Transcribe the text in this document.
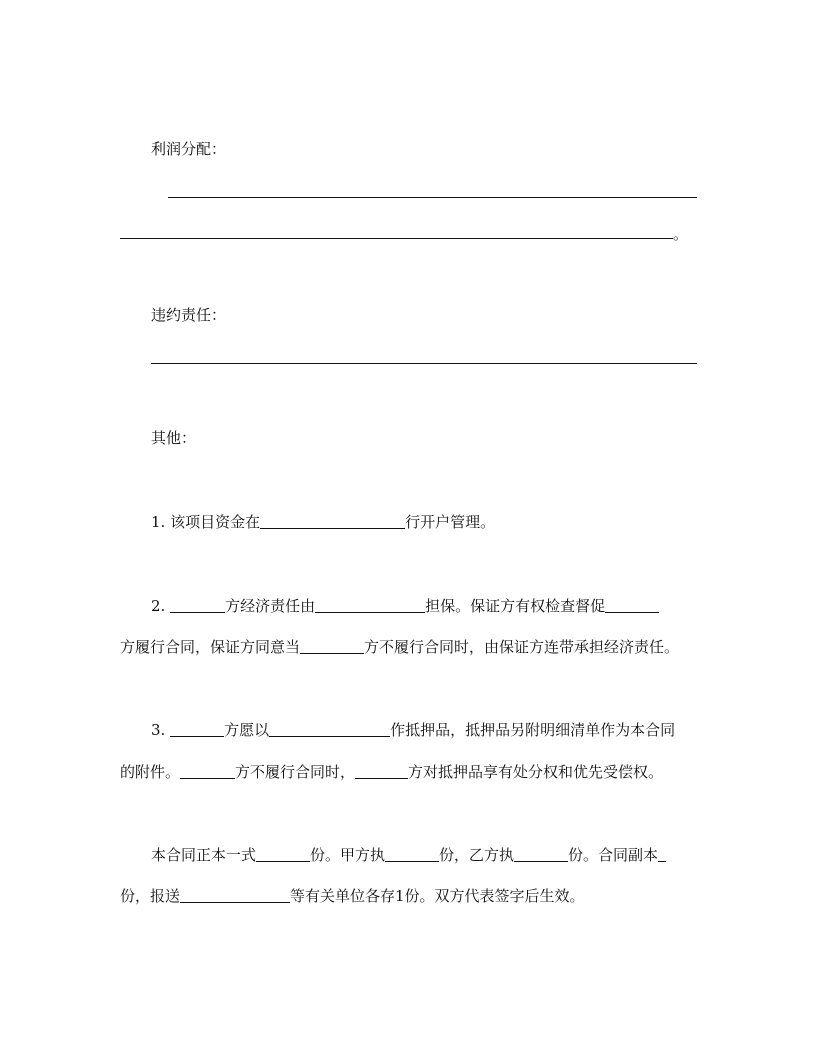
利润分配：
。
违约责任：
其他：
1. 该项目资金在	行开户管理。
2.	方经济责任由	担保。保证方有权检查督促
方履行合同，保证方同意当	方不履行合同时，由保证方连带承担经济责任。
3.	方愿以	作抵押品，抵押品另附明细清单作为本合同
的附件。	方不履行合同时，	方对抵押品享有处分权和优先受偿权。
本合同正本一式	份。甲方执	份，乙方执	份。合同副本
份，报送	等有关单位各存1份。双方代表签字后生效。
